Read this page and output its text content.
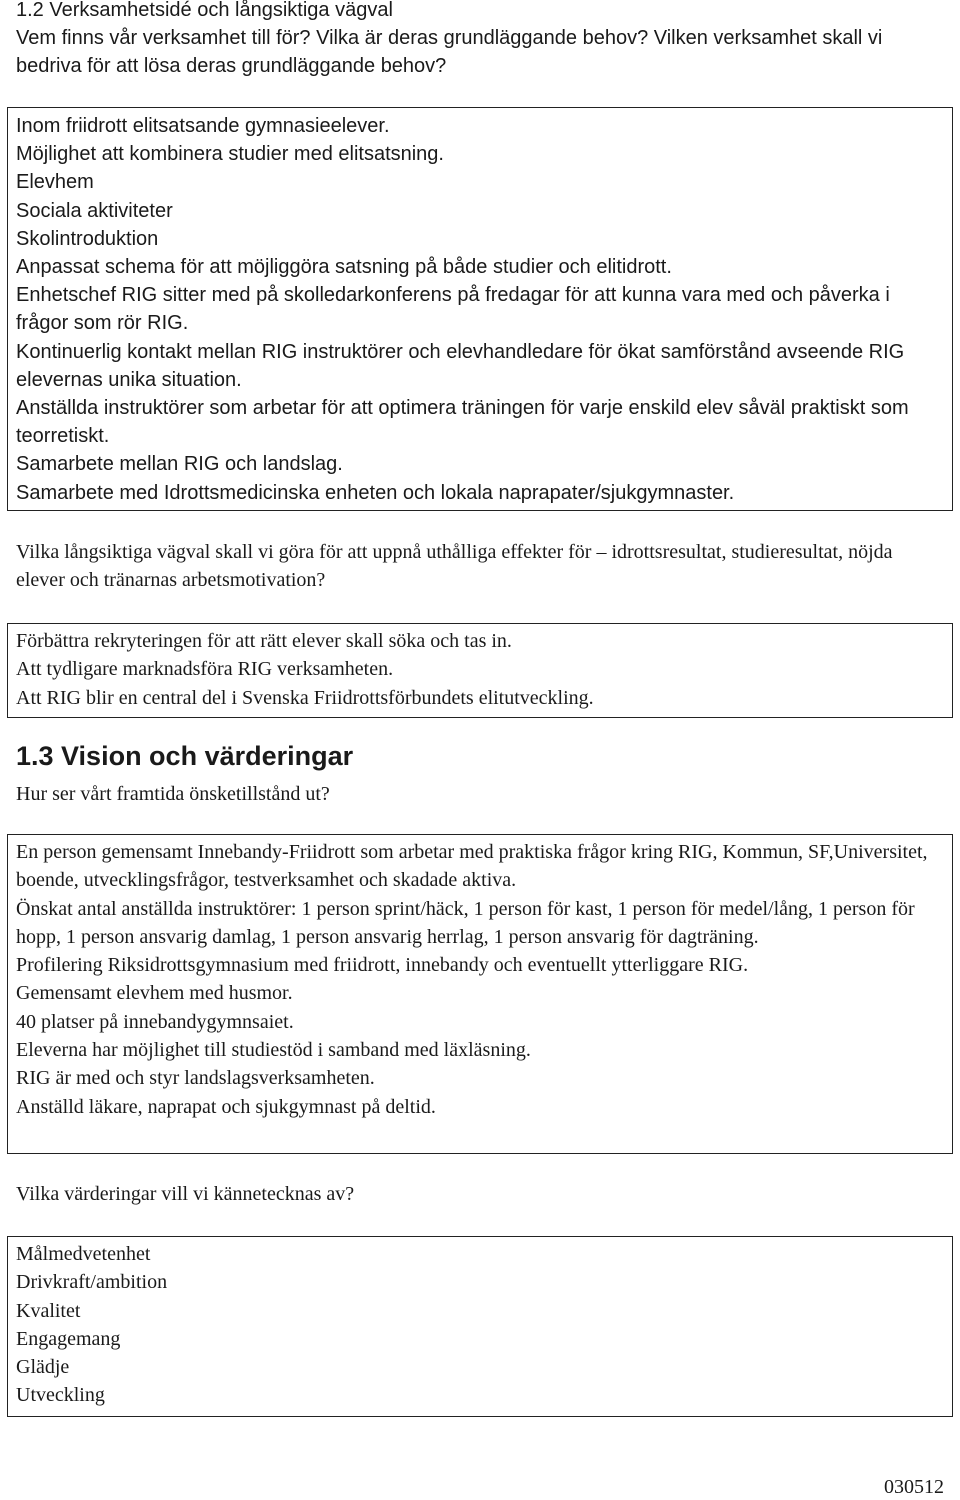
1.2 Verksamhetsidé och långsiktiga vägval
Vem finns vår verksamhet till för? Vilka är deras grundläggande behov? Vilken verksamhet skall vi bedriva för att lösa deras grundläggande behov?

Inom friidrott elitsatsande gymnasieelever.

Möjlighet att kombinera studier med elitsatsning.

Elevhem

Sociala aktiviteter

Skolintroduktion

Anpassat schema för att möjliggöra satsning på både studier och elitidrott.

Enhetschef RIG sitter med på skolledarkonferens på fredagar för att kunna vara med och påverka i frågor som rör RIG.

Kontinuerlig kontakt mellan RIG instruktörer och elevhandledare för ökat samförstånd avseende RIG elevernas unika situation.

Anställda instruktörer som arbetar för att optimera träningen för varje enskild elev såväl praktiskt som teorretiskt.

Samarbete mellan RIG och landslag.

Samarbete med Idrottsmedicinska enheten och lokala naprapater/sjukgymnaster.

Vilka långsiktiga vägval skall vi göra för att uppnå uthålliga effekter för – idrottsresultat, studieresultat, nöjda elever och tränarnas arbetsmotivation?

Förbättra rekryteringen för att rätt elever skall söka och tas in.

Att tydligare marknadsföra RIG verksamheten.

Att RIG blir en central del i Svenska Friidrottsförbundets elitutveckling.

1.3 Vision och värderingar

Hur ser vårt framtida önsketillstånd ut?

En person gemensamt Innebandy-Friidrott som arbetar med praktiska frågor kring RIG, Kommun, SF,Universitet, boende, utvecklingsfrågor, testverksamhet och skadade aktiva.

Önskat antal anställda instruktörer: 1 person sprint/häck, 1 person för kast, 1 person för medel/lång, 1 person för hopp, 1 person ansvarig damlag, 1 person ansvarig herrlag, 1 person ansvarig för dagträning.

Profilering Riksidrottsgymnasium med friidrott, innebandy och eventuellt ytterliggare RIG.

Gemensamt elevhem med husmor.

40 platser på innebandygymnsaiet.

Eleverna har möjlighet till studiestöd i samband med läxläsning.

RIG är med och styr landslagsverksamheten.

Anställd läkare, naprapat och sjukgymnast på deltid.

Vilka värderingar vill vi kännetecknas av?

Målmedvetenhet

Drivkraft/ambition

Kvalitet

Engagemang

Glädje

Utveckling

030512
